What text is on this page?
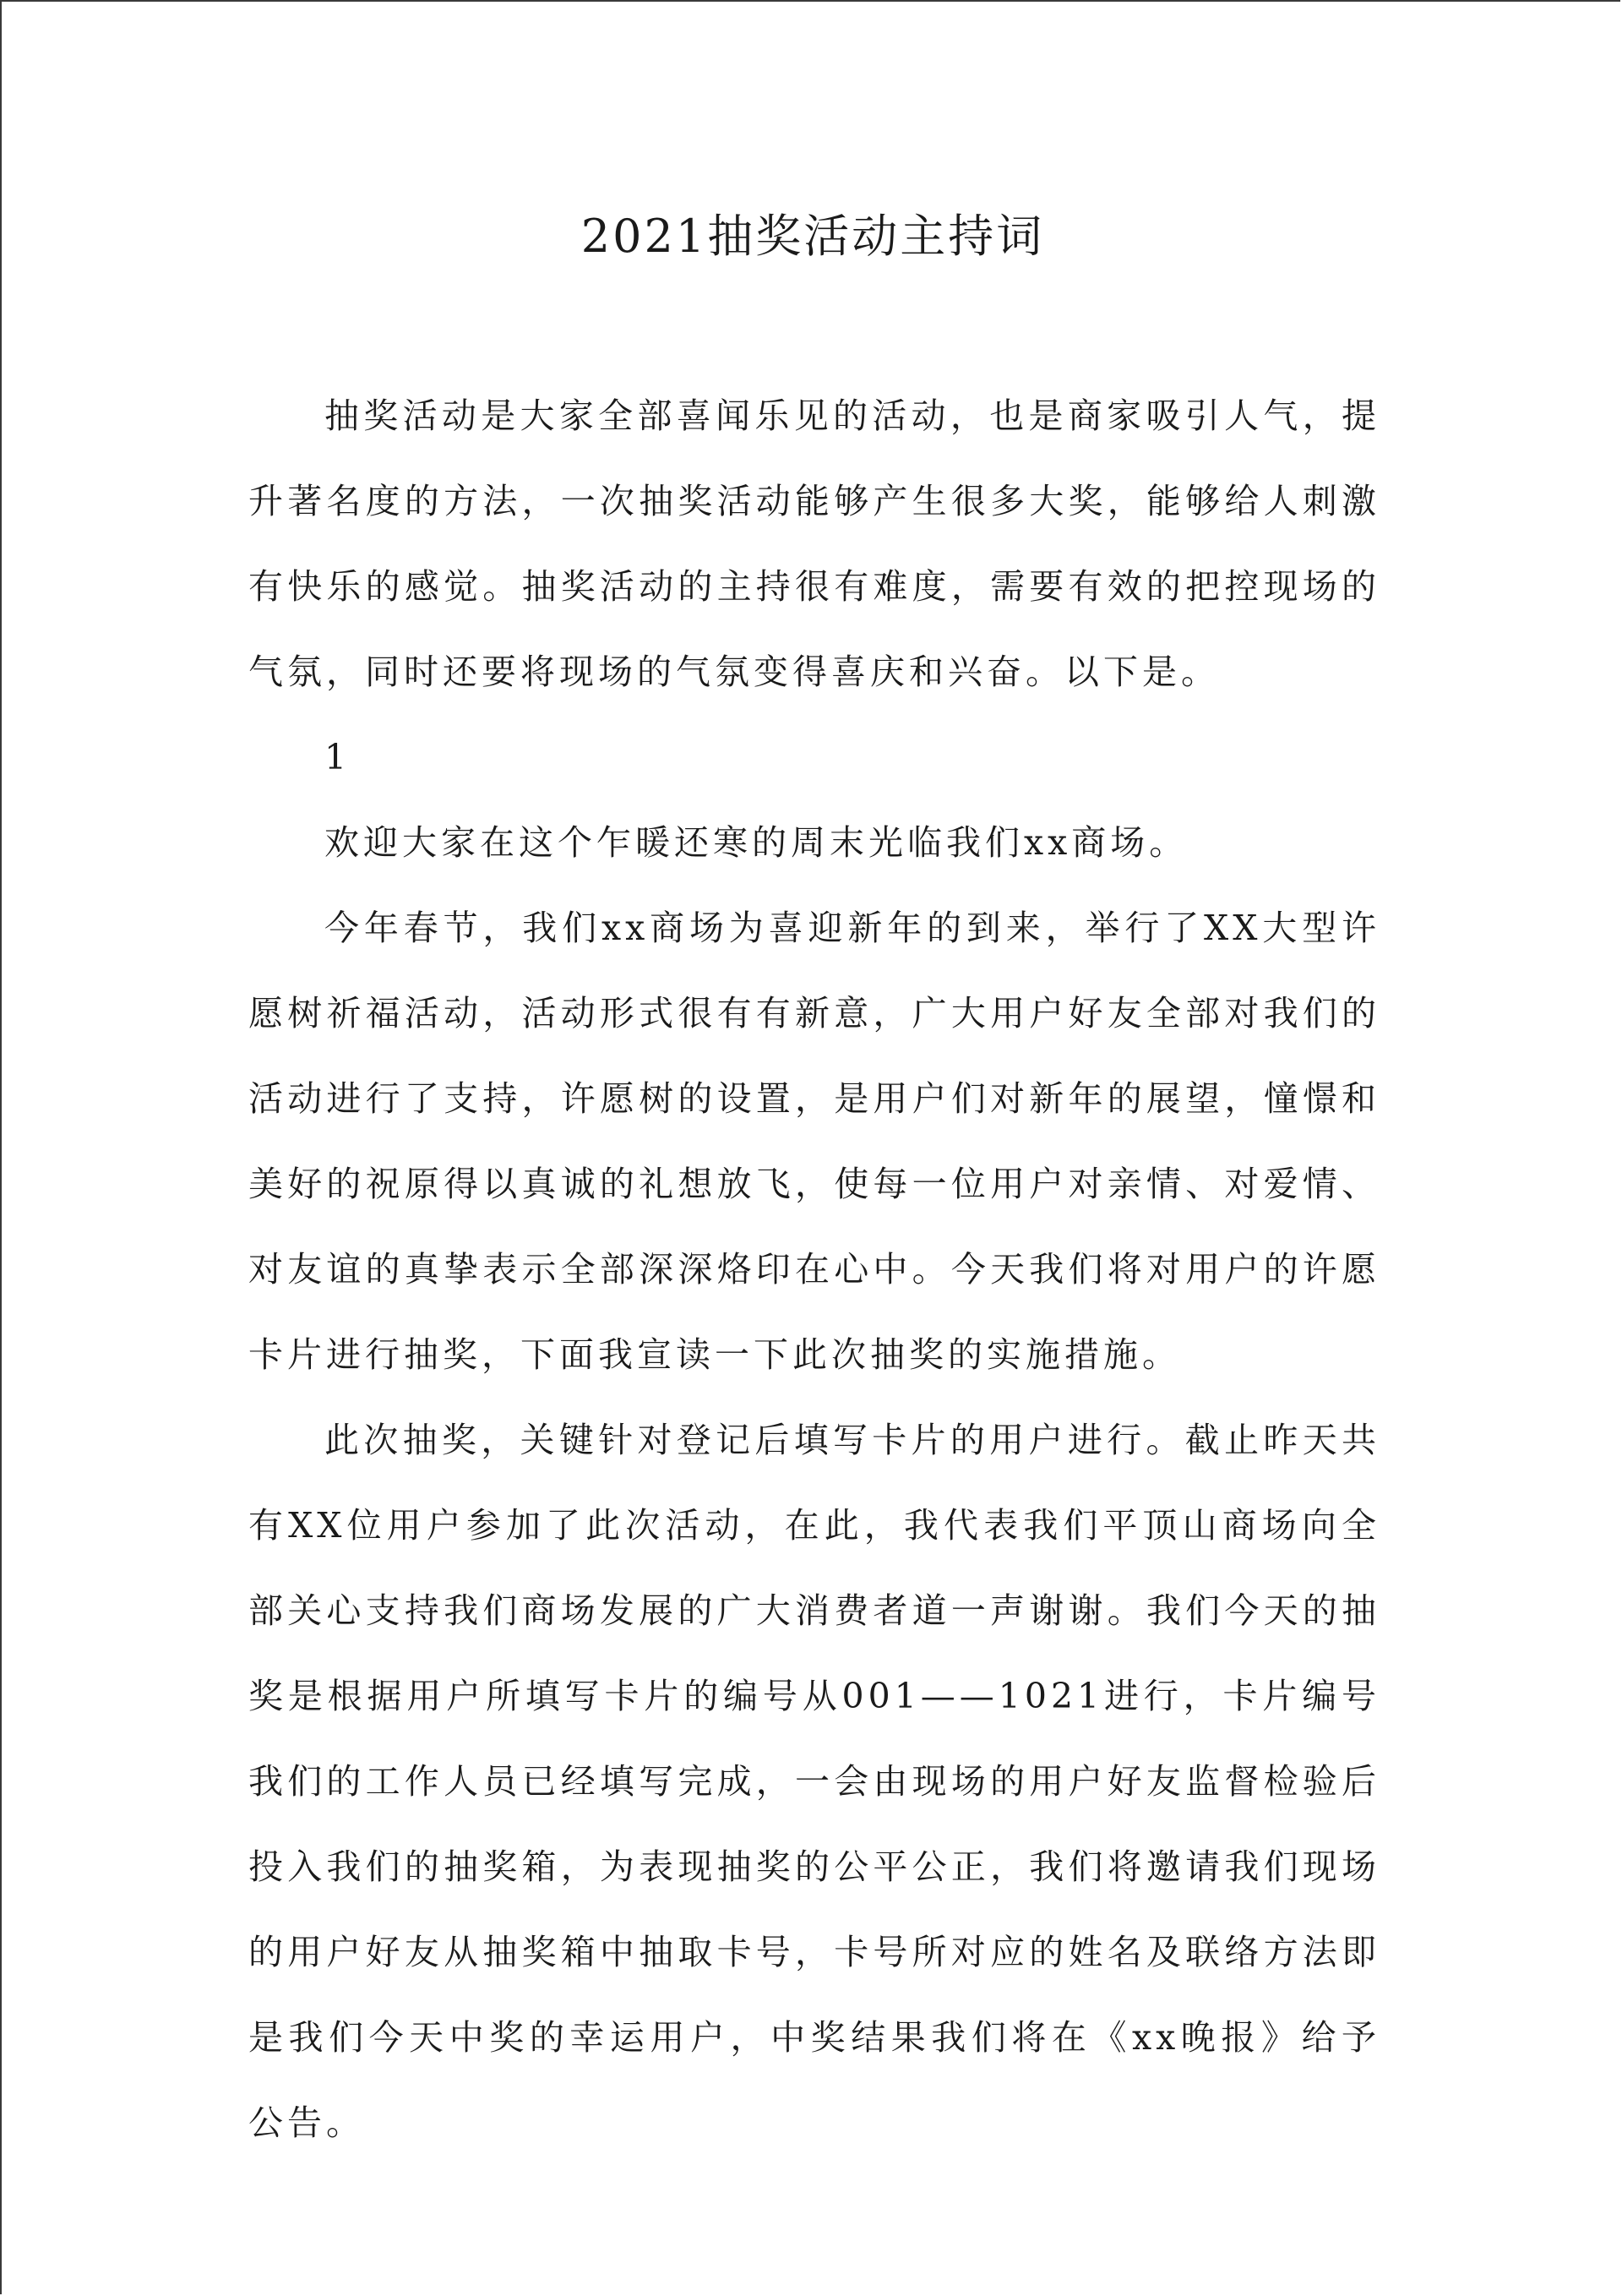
2021抽奖活动主持词

抽奖活动是大家全部喜闻乐见的活动，也是商家吸引人气，提升著名度的方法，一次抽奖活动能够产生很多大奖，能够给人刺激有快乐的感觉。抽奖活动的主持很有难度，需要有效的把控现场的气氛，同时还要将现场的气氛变得喜庆和兴奋。以下是。

1

欢迎大家在这个乍暖还寒的周末光临我们xx商场。

今年春节，我们xx商场为喜迎新年的到来，举行了XX大型许愿树祈福活动，活动形式很有有新意，广大用户好友全部对我们的活动进行了支持，许愿树的设置，是用户们对新年的展望，憧憬和美好的祝原得以真诚的礼想放飞，使每一位用户对亲情、对爱情、对友谊的真挚表示全部深深烙印在心中。今天我们将对用户的许愿卡片进行抽奖，下面我宣读一下此次抽奖的实施措施。

此次抽奖，关键针对登记后填写卡片的用户进行。截止昨天共有XX位用户参加了此次活动，在此，我代表我们平顶山商场向全部关心支持我们商场发展的广大消费者道一声谢谢。我们今天的抽奖是根据用户所填写卡片的编号从001——1021进行，卡片编号我们的工作人员已经填写完成，一会由现场的用户好友监督检验后投入我们的抽奖箱，为表现抽奖的公平公正，我们将邀请我们现场的用户好友从抽奖箱中抽取卡号，卡号所对应的姓名及联络方法即是我们今天中奖的幸运用户，中奖结果我们将在《xx晚报》给予公告。
